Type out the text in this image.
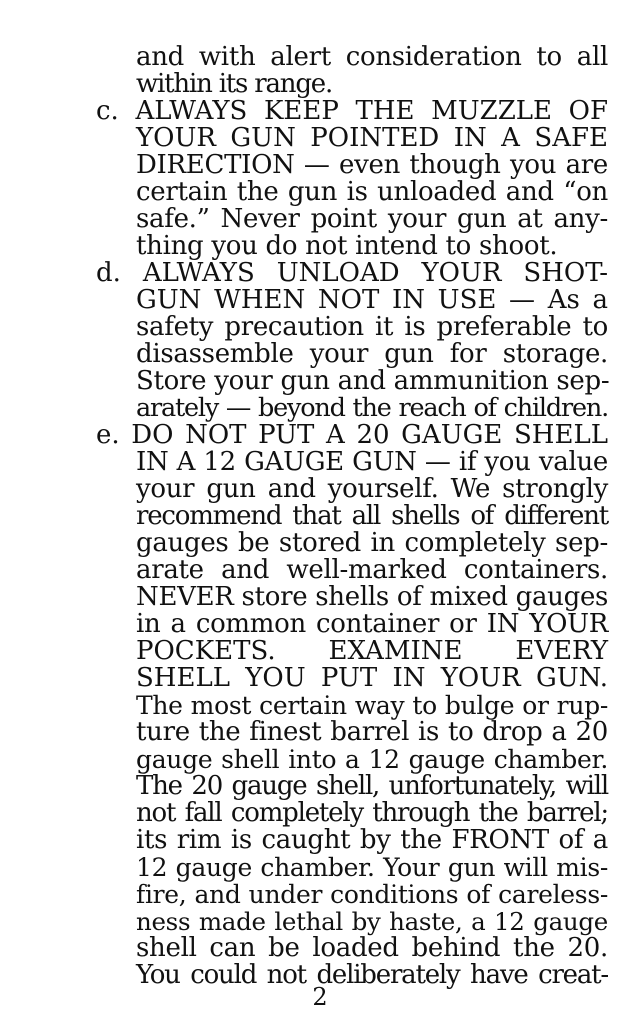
and with alert consideration to all
within its range.
c. ALWAYS KEEP THE MUZZLE OF
YOUR GUN POINTED IN A SAFE
DIRECTION — even though you are
certain the gun is unloaded and “on
safe.” Never point your gun at any-
thing you do not intend to shoot.
d. ALWAYS UNLOAD YOUR SHOT-
GUN WHEN NOT IN USE — As a
safety precaution it is preferable to
disassemble your gun for storage.
Store your gun and ammunition sep-
arately — beyond the reach of children.
e. DO NOT PUT A 20 GAUGE SHELL
IN A 12 GAUGE GUN — if you value
your gun and yourself. We strongly
recommend that all shells of different
gauges be stored in completely sep-
arate and well-marked containers.
NEVER store shells of mixed gauges
in a common container or IN YOUR
POCKETS. EXAMINE EVERY
SHELL YOU PUT IN YOUR GUN.
The most certain way to bulge or rup-
ture the finest barrel is to drop a 20
gauge shell into a 12 gauge chamber.
The 20 gauge shell, unfortunately, will
not fall completely through the barrel;
its rim is caught by the FRONT of a
12 gauge chamber. Your gun will mis-
fire, and under conditions of careless-
ness made lethal by haste, a 12 gauge
shell can be loaded behind the 20.
You could not deliberately have creat-
2
